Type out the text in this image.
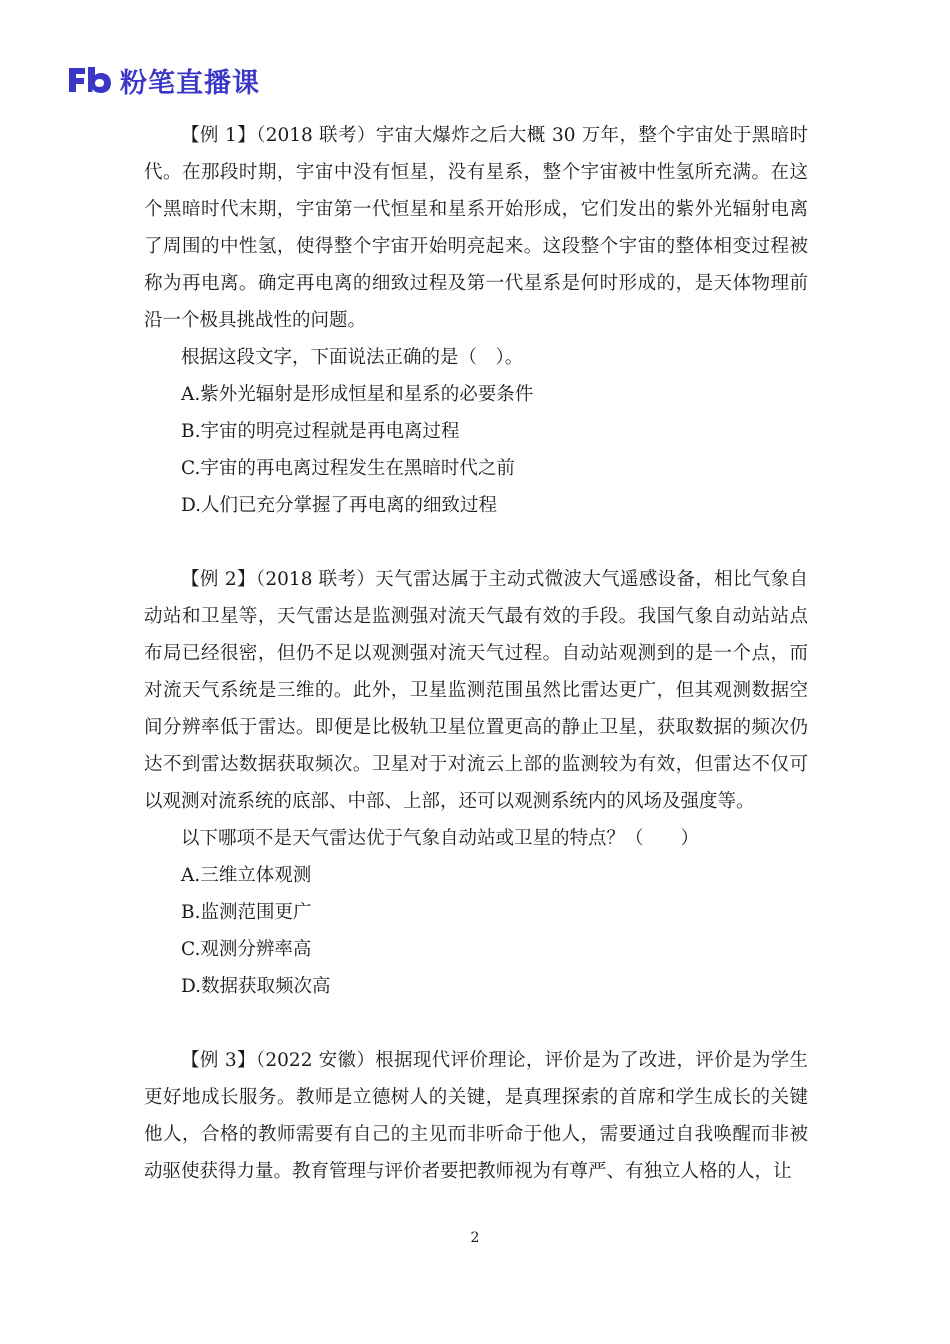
粉笔直播课

【例 1】（2018 联考）宇宙大爆炸之后大概 30 万年，整个宇宙处于黑暗时代。在那段时期，宇宙中没有恒星，没有星系，整个宇宙被中性氢所充满。在这个黑暗时代末期，宇宙第一代恒星和星系开始形成，它们发出的紫外光辐射电离了周围的中性氢，使得整个宇宙开始明亮起来。这段整个宇宙的整体相变过程被称为再电离。确定再电离的细致过程及第一代星系是何时形成的，是天体物理前沿一个极具挑战性的问题。

根据这段文字，下面说法正确的是（　）。

A.紫外光辐射是形成恒星和星系的必要条件

B.宇宙的明亮过程就是再电离过程

C.宇宙的再电离过程发生在黑暗时代之前

D.人们已充分掌握了再电离的细致过程

【例 2】（2018 联考）天气雷达属于主动式微波大气遥感设备，相比气象自动站和卫星等，天气雷达是监测强对流天气最有效的手段。我国气象自动站站点布局已经很密，但仍不足以观测强对流天气过程。自动站观测到的是一个点，而对流天气系统是三维的。此外，卫星监测范围虽然比雷达更广，但其观测数据空间分辨率低于雷达。即便是比极轨卫星位置更高的静止卫星，获取数据的频次仍达不到雷达数据获取频次。卫星对于对流云上部的监测较为有效，但雷达不仅可以观测对流系统的底部、中部、上部，还可以观测系统内的风场及强度等。

以下哪项不是天气雷达优于气象自动站或卫星的特点？（　　）

A.三维立体观测

B.监测范围更广

C.观测分辨率高

D.数据获取频次高

【例 3】（2022 安徽）根据现代评价理论，评价是为了改进，评价是为学生更好地成长服务。教师是立德树人的关键，是真理探索的首席和学生成长的关键他人，合格的教师需要有自己的主见而非听命于他人，需要通过自我唤醒而非被动驱使获得力量。教育管理与评价者要把教师视为有尊严、有独立人格的人，让

2
